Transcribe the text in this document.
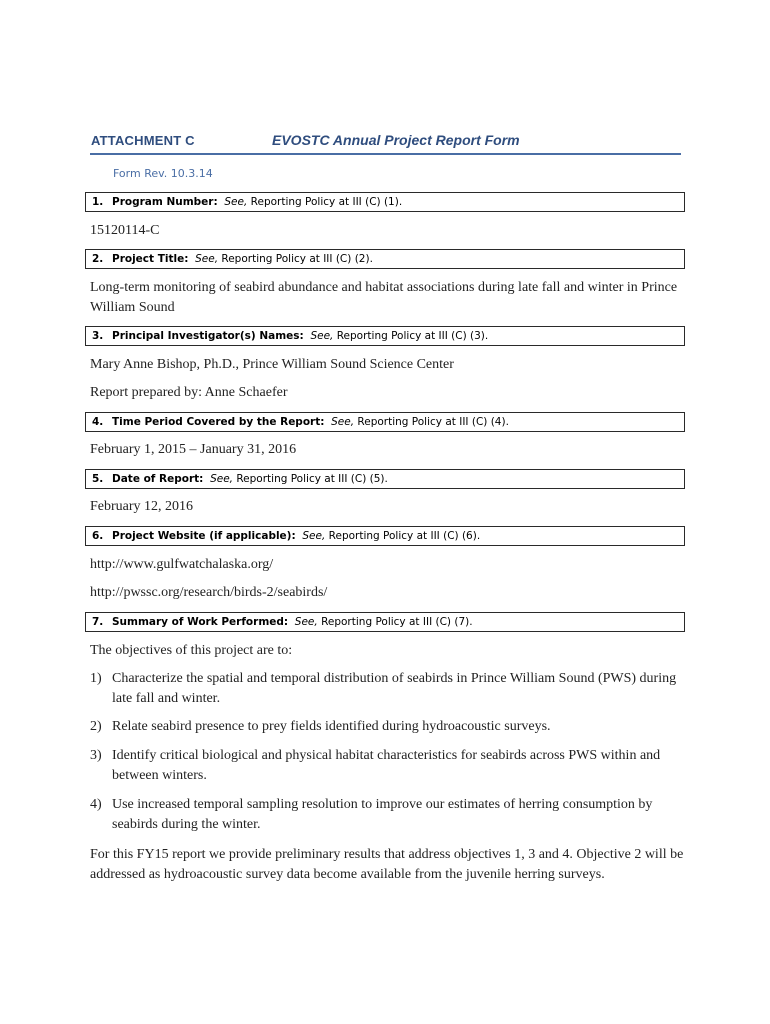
ATTACHMENT C	EVOSTC Annual Project Report Form
Form Rev. 10.3.14
1. Program Number: See, Reporting Policy at III (C) (1).
15120114-C
2. Project Title: See, Reporting Policy at III (C) (2).
Long-term monitoring of seabird abundance and habitat associations during late fall and winter in Prince William Sound
3. Principal Investigator(s) Names: See, Reporting Policy at III (C) (3).
Mary Anne Bishop, Ph.D., Prince William Sound Science Center
Report prepared by: Anne Schaefer
4. Time Period Covered by the Report: See, Reporting Policy at III (C) (4).
February 1, 2015 – January 31, 2016
5. Date of Report: See, Reporting Policy at III (C) (5).
February 12, 2016
6. Project Website (if applicable): See, Reporting Policy at III (C) (6).
http://www.gulfwatchalaska.org/
http://pwssc.org/research/birds-2/seabirds/
7. Summary of Work Performed: See, Reporting Policy at III (C) (7).
The objectives of this project are to:
1) Characterize the spatial and temporal distribution of seabirds in Prince William Sound (PWS) during late fall and winter.
2) Relate seabird presence to prey fields identified during hydroacoustic surveys.
3) Identify critical biological and physical habitat characteristics for seabirds across PWS within and between winters.
4) Use increased temporal sampling resolution to improve our estimates of herring consumption by seabirds during the winter.
For this FY15 report we provide preliminary results that address objectives 1, 3 and 4. Objective 2 will be addressed as hydroacoustic survey data become available from the juvenile herring surveys.
